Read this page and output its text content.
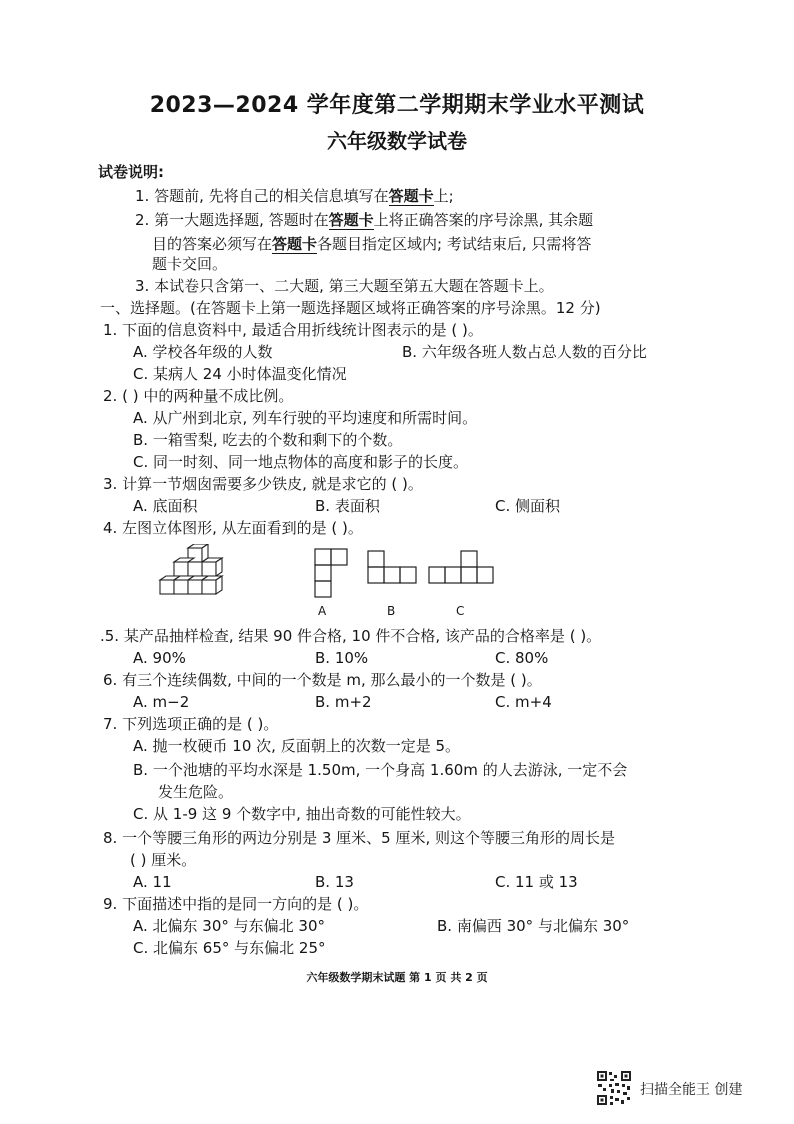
2023—2024 学年度第二学期期末学业水平测试
六年级数学试卷
试卷说明:
1. 答题前, 先将自己的相关信息填写在答题卡上;
2. 第一大题选择题, 答题时在答题卡上将正确答案的序号涂黑, 其余题
目的答案必须写在答题卡各题目指定区域内; 考试结束后, 只需将答
题卡交回。
3. 本试卷只含第一、二大题, 第三大题至第五大题在答题卡上。
一、选择题。(在答题卡上第一题选择题区域将正确答案的序号涂黑。12 分)
1. 下面的信息资料中, 最适合用折线统计图表示的是 ( )。
A. 学校各年级的人数	B. 六年级各班人数占总人数的百分比
C. 某病人 24 小时体温变化情况
2. ( ) 中的两种量不成比例。
A. 从广州到北京, 列车行驶的平均速度和所需时间。
B. 一箱雪梨, 吃去的个数和剩下的个数。
C. 同一时刻、同一地点物体的高度和影子的长度。
3. 计算一节烟囱需要多少铁皮, 就是求它的 ( )。
A. 底面积	B. 表面积	C. 侧面积
4. 左图立体图形, 从左面看到的是 ( )。
A	B	C
.5. 某产品抽样检查, 结果 90 件合格, 10 件不合格, 该产品的合格率是 ( )。
A. 90%	B. 10%	C. 80%
6. 有三个连续偶数, 中间的一个数是 m, 那么最小的一个数是 ( )。
A. m−2	B. m+2	C. m+4
7. 下列选项正确的是 ( )。
A. 抛一枚硬币 10 次, 反面朝上的次数一定是 5。
B. 一个池塘的平均水深是 1.50m, 一个身高 1.60m 的人去游泳, 一定不会
发生危险。
C. 从 1-9 这 9 个数字中, 抽出奇数的可能性较大。
8. 一个等腰三角形的两边分别是 3 厘米、5 厘米, 则这个等腰三角形的周长是
( ) 厘米。
A. 11	B. 13	C. 11 或 13
9. 下面描述中指的是同一方向的是 ( )。
A. 北偏东 30° 与东偏北 30°	B. 南偏西 30° 与北偏东 30°
C. 北偏东 65° 与东偏北 25°
六年级数学期末试题 第 1 页 共 2 页
扫描全能王 创建
